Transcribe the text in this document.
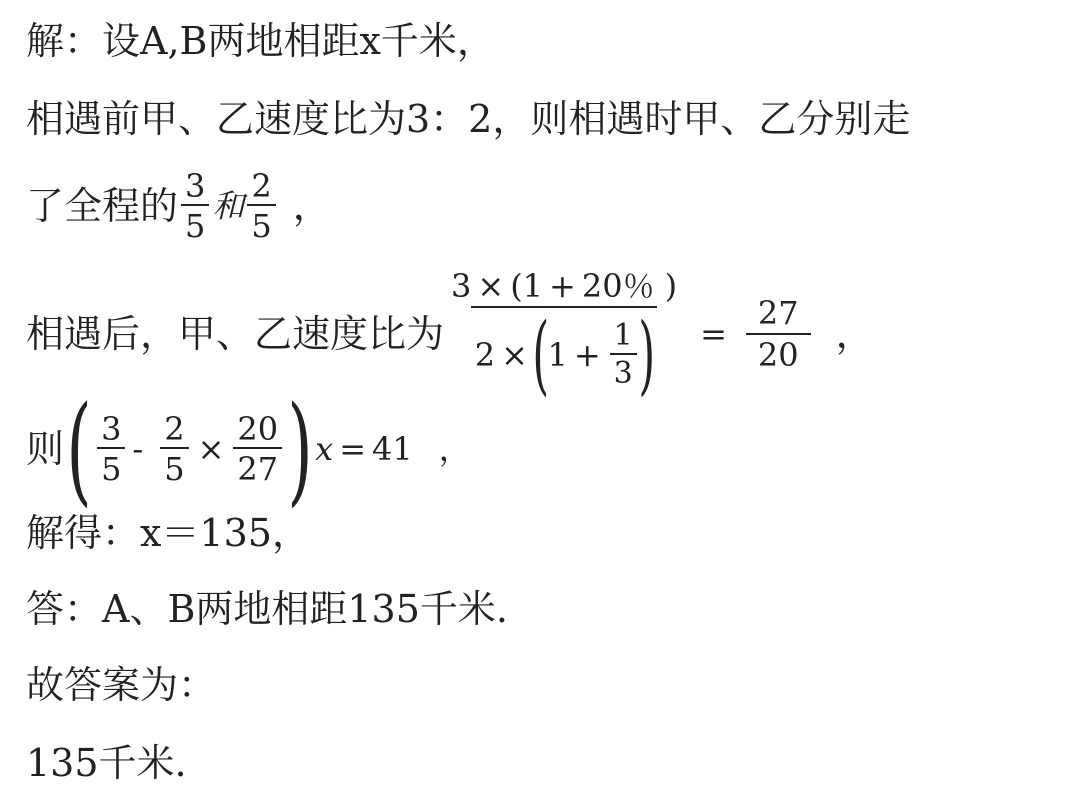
解：设A,B两地相距x千米，
相遇前甲、乙速度比为3：2，则相遇时甲、乙分别走
了全程的 $\frac{3}{5}$ 和 $\frac{2}{5}$ ，
相遇后，甲、乙速度比为
3 × ( 1 + 20％ )
2 × (
$1 + \frac{1}{3}$ ) = $\frac{27}{20}$ ，
则 ( $\frac{3}{5} - \frac{2}{5} \times \frac{20}{27}$ ) x = 41 ，
解得：x＝135，
答：A、B两地相距135千米.
故答案为：
135千米.
